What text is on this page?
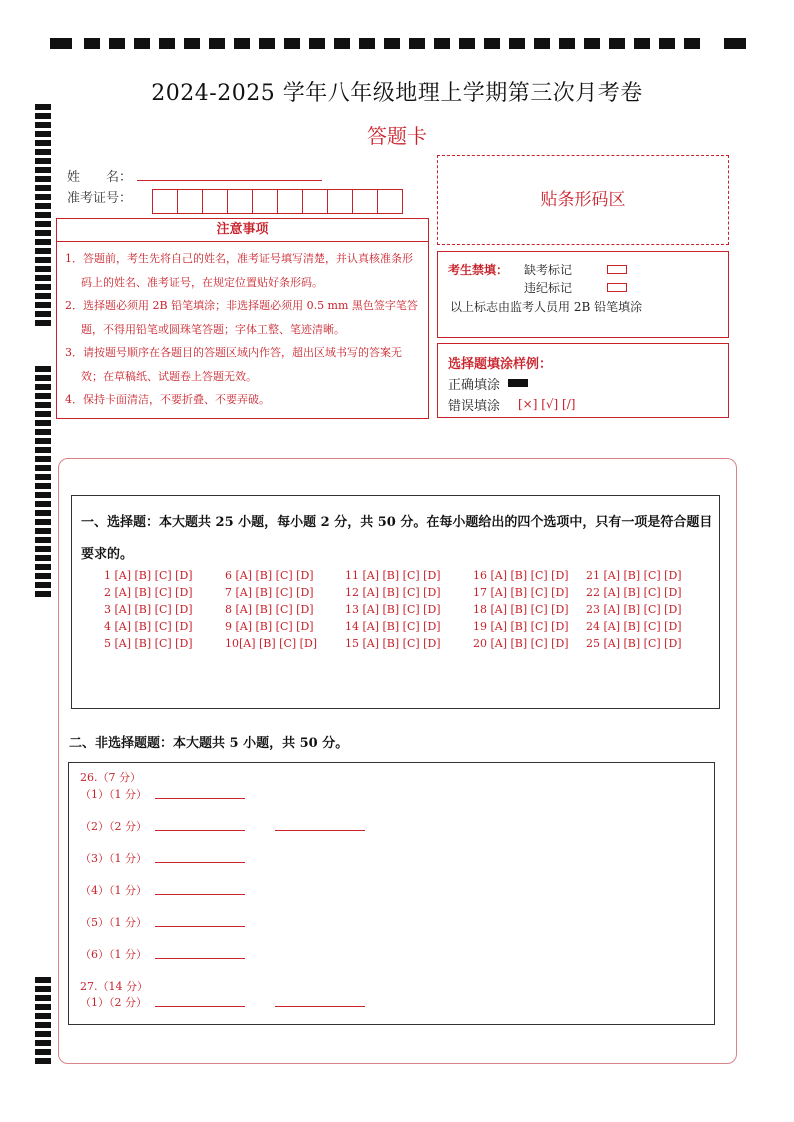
2024-2025 学年八年级地理上学期第三次月考卷
答题卡
姓　　名：
准考证号：
注意事项

1．答题前，考生先将自己的姓名，准考证号填写清楚，并认真核准条形码上的姓名、准考证号，在规定位置贴好条形码。

2．选择题必须用 2B 铅笔填涂；非选择题必须用 0.5 mm 黑色签字笔答题，不得用铅笔或圆珠笔答题；字体工整、笔迹清晰。

3．请按题号顺序在各题目的答题区域内作答，超出区域书写的答案无效；在草稿纸、试题卷上答题无效。

4．保持卡面清洁，不要折叠、不要弄破。

贴条形码区
考生禁填： 缺考标记
违纪标记
以上标志由监考人员用 2B 铅笔填涂
选择题填涂样例：
正确填涂
错误填涂 [×] [√] [/]
一、选择题：本大题共 25 小题，每小题 2 分，共 50 分。在每小题给出的四个选项中，只有一项是符合题目要求的。
1 [A] [B] [C] [D]	6 [A] [B] [C] [D]	11 [A] [B] [C] [D]	16 [A] [B] [C] [D] 21 [A] [B] [C] [D]
2 [A] [B] [C] [D]	7 [A] [B] [C] [D]	12 [A] [B] [C] [D]	17 [A] [B] [C] [D] 22 [A] [B] [C] [D]
3 [A] [B] [C] [D]	8 [A] [B] [C] [D]	13 [A] [B] [C] [D]	18 [A] [B] [C] [D] 23 [A] [B] [C] [D]
4 [A] [B] [C] [D]	9 [A] [B] [C] [D]	14 [A] [B] [C] [D]	19 [A] [B] [C] [D] 24 [A] [B] [C] [D]
5 [A] [B] [C] [D]	10[A] [B] [C] [D]	15 [A] [B] [C] [D]	20 [A] [B] [C] [D] 25 [A] [B] [C] [D]
二、非选择题题：本大题共 5 小题，共 50 分。
26.（7 分）
（1）（1 分）
（2）（2 分）
（3）（1 分）
（4）（1 分）
（5）（1 分）
（6）（1 分）
27.（14 分）
（1）（2 分）
